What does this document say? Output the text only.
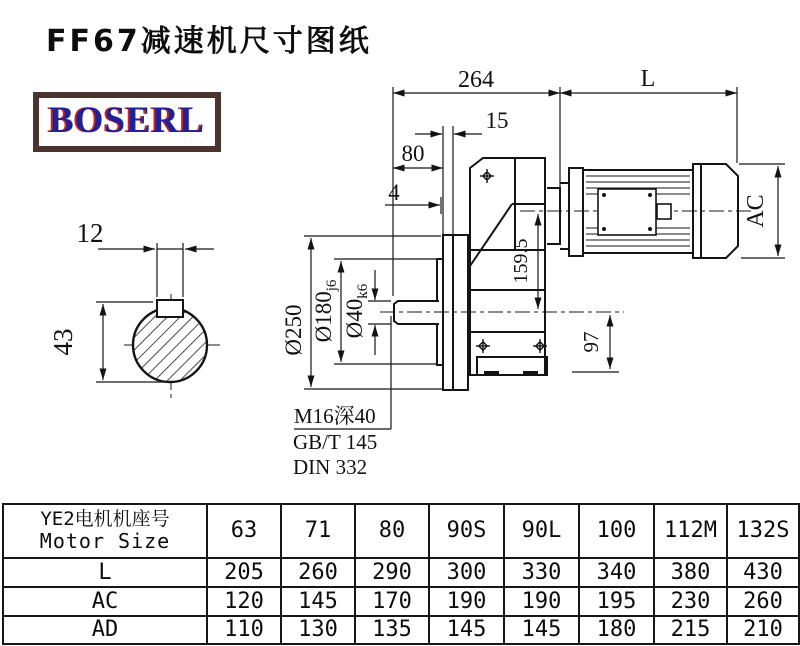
FF67减速机尺寸图纸
BOSERL
12
43
264	L
15
80
4
AC
159.5
97
Ø250 $Ø180_{j6}$
$Ø40_{k6}$
M16深40
GB/T 145
DIN 332
YE2电机机座号
Motor Size	63	71	80	90S	90L	100	112M	132S
L	205	260	290	300	330	340	380	430
AC	120	145	170	190	190	195	230	260
AD	110	130	135	145	145	180	215	210
